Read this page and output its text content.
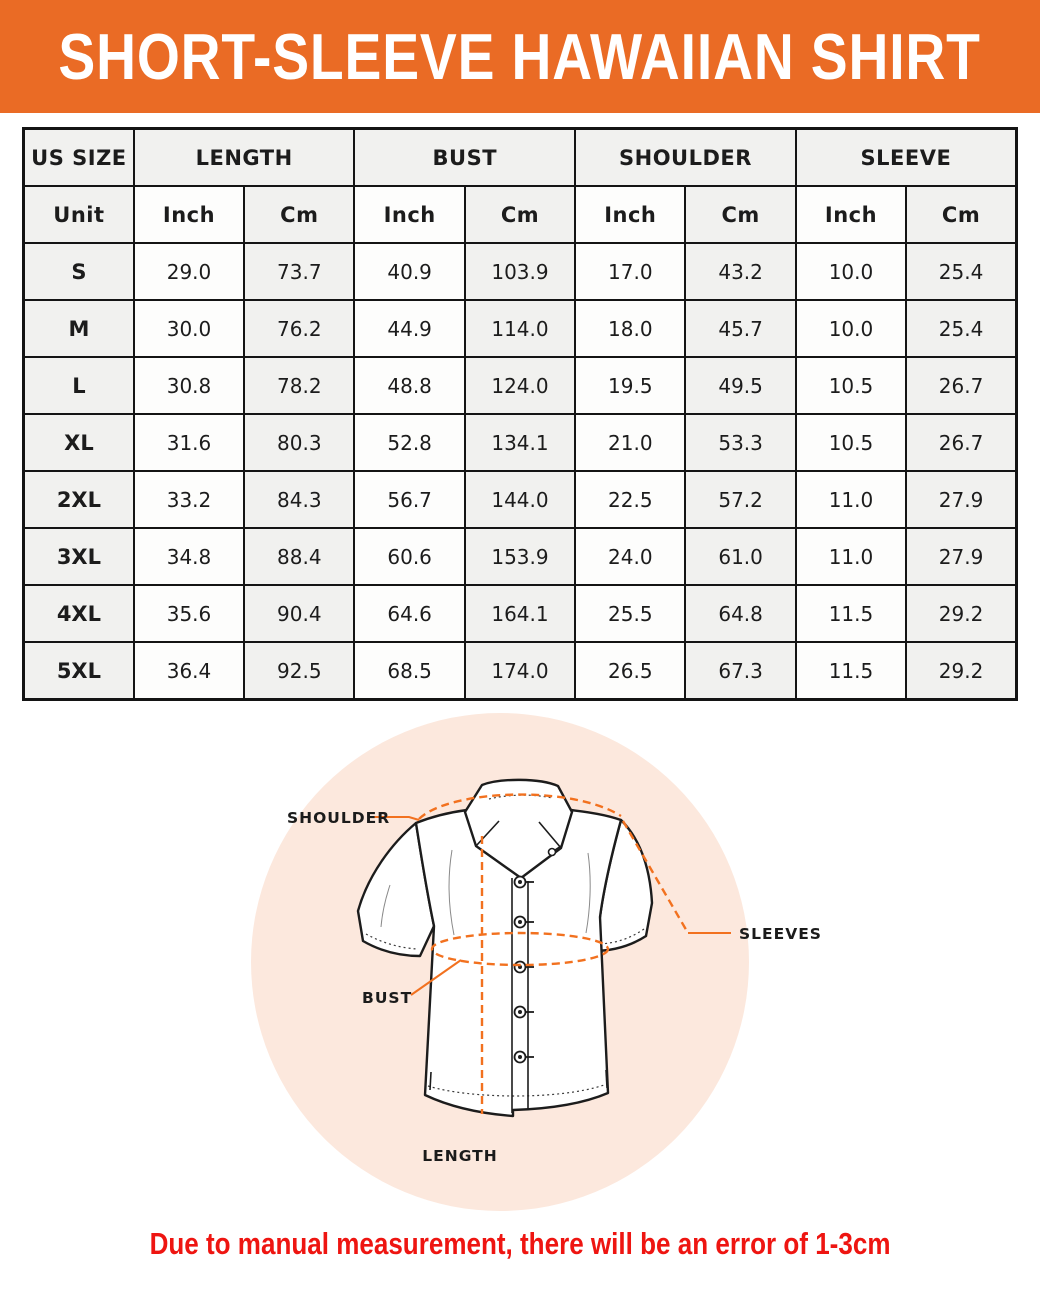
SHORT-SLEEVE HAWAIIAN SHIRT
US SIZE	LENGTH		BUST		SHOULDER		SLEEVE	
Unit	Inch	Cm	Inch	Cm	Inch	Cm	Inch	Cm
S	29.0	73.7	40.9	103.9	17.0	43.2	10.0	25.4
M	30.0	76.2	44.9	114.0	18.0	45.7	10.0	25.4
L	30.8	78.2	48.8	124.0	19.5	49.5	10.5	26.7
XL	31.6	80.3	52.8	134.1	21.0	53.3	10.5	26.7
2XL	33.2	84.3	56.7	144.0	22.5	57.2	11.0	27.9
3XL	34.8	88.4	60.6	153.9	24.0	61.0	11.0	27.9
4XL	35.6	90.4	64.6	164.1	25.5	64.8	11.5	29.2
5XL	36.4	92.5	68.5	174.0	26.5	67.3	11.5	29.2
SHOULDER
SLEEVES
BUST
LENGTH
Due to manual measurement, there will be an error of 1-3cm
